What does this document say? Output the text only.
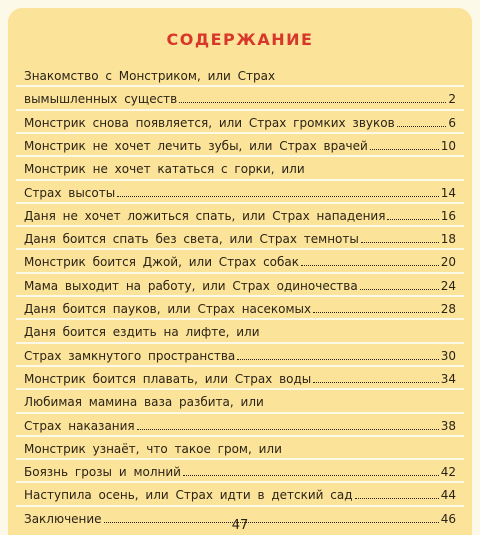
СОДЕРЖАНИЕ
Знакомство с Монстриком, или Страх
вымышленных существ	2
Монстрик снова появляется, или Страх громких звуков	6
Монстрик не хочет лечить зубы, или Страх врачей	10
Монстрик не хочет кататься с горки, или
Страх высоты	14
Даня не хочет ложиться спать, или Страх нападения	16
Даня боится спать без света, или Страх темноты	18
Монстрик боится Джой, или Страх собак	20
Мама выходит на работу, или Страх одиночества	24
Даня боится пауков, или Страх насекомых	28
Даня боится ездить на лифте, или
Страх замкнутого пространства	30
Монстрик боится плавать, или Страх воды	34
Любимая мамина ваза разбита, или
Страх наказания	38
Монстрик узнаёт, что такое гром, или
Боязнь грозы и молний	42
Наступила осень, или Страх идти в детский сад	44
Заключение	46
47
